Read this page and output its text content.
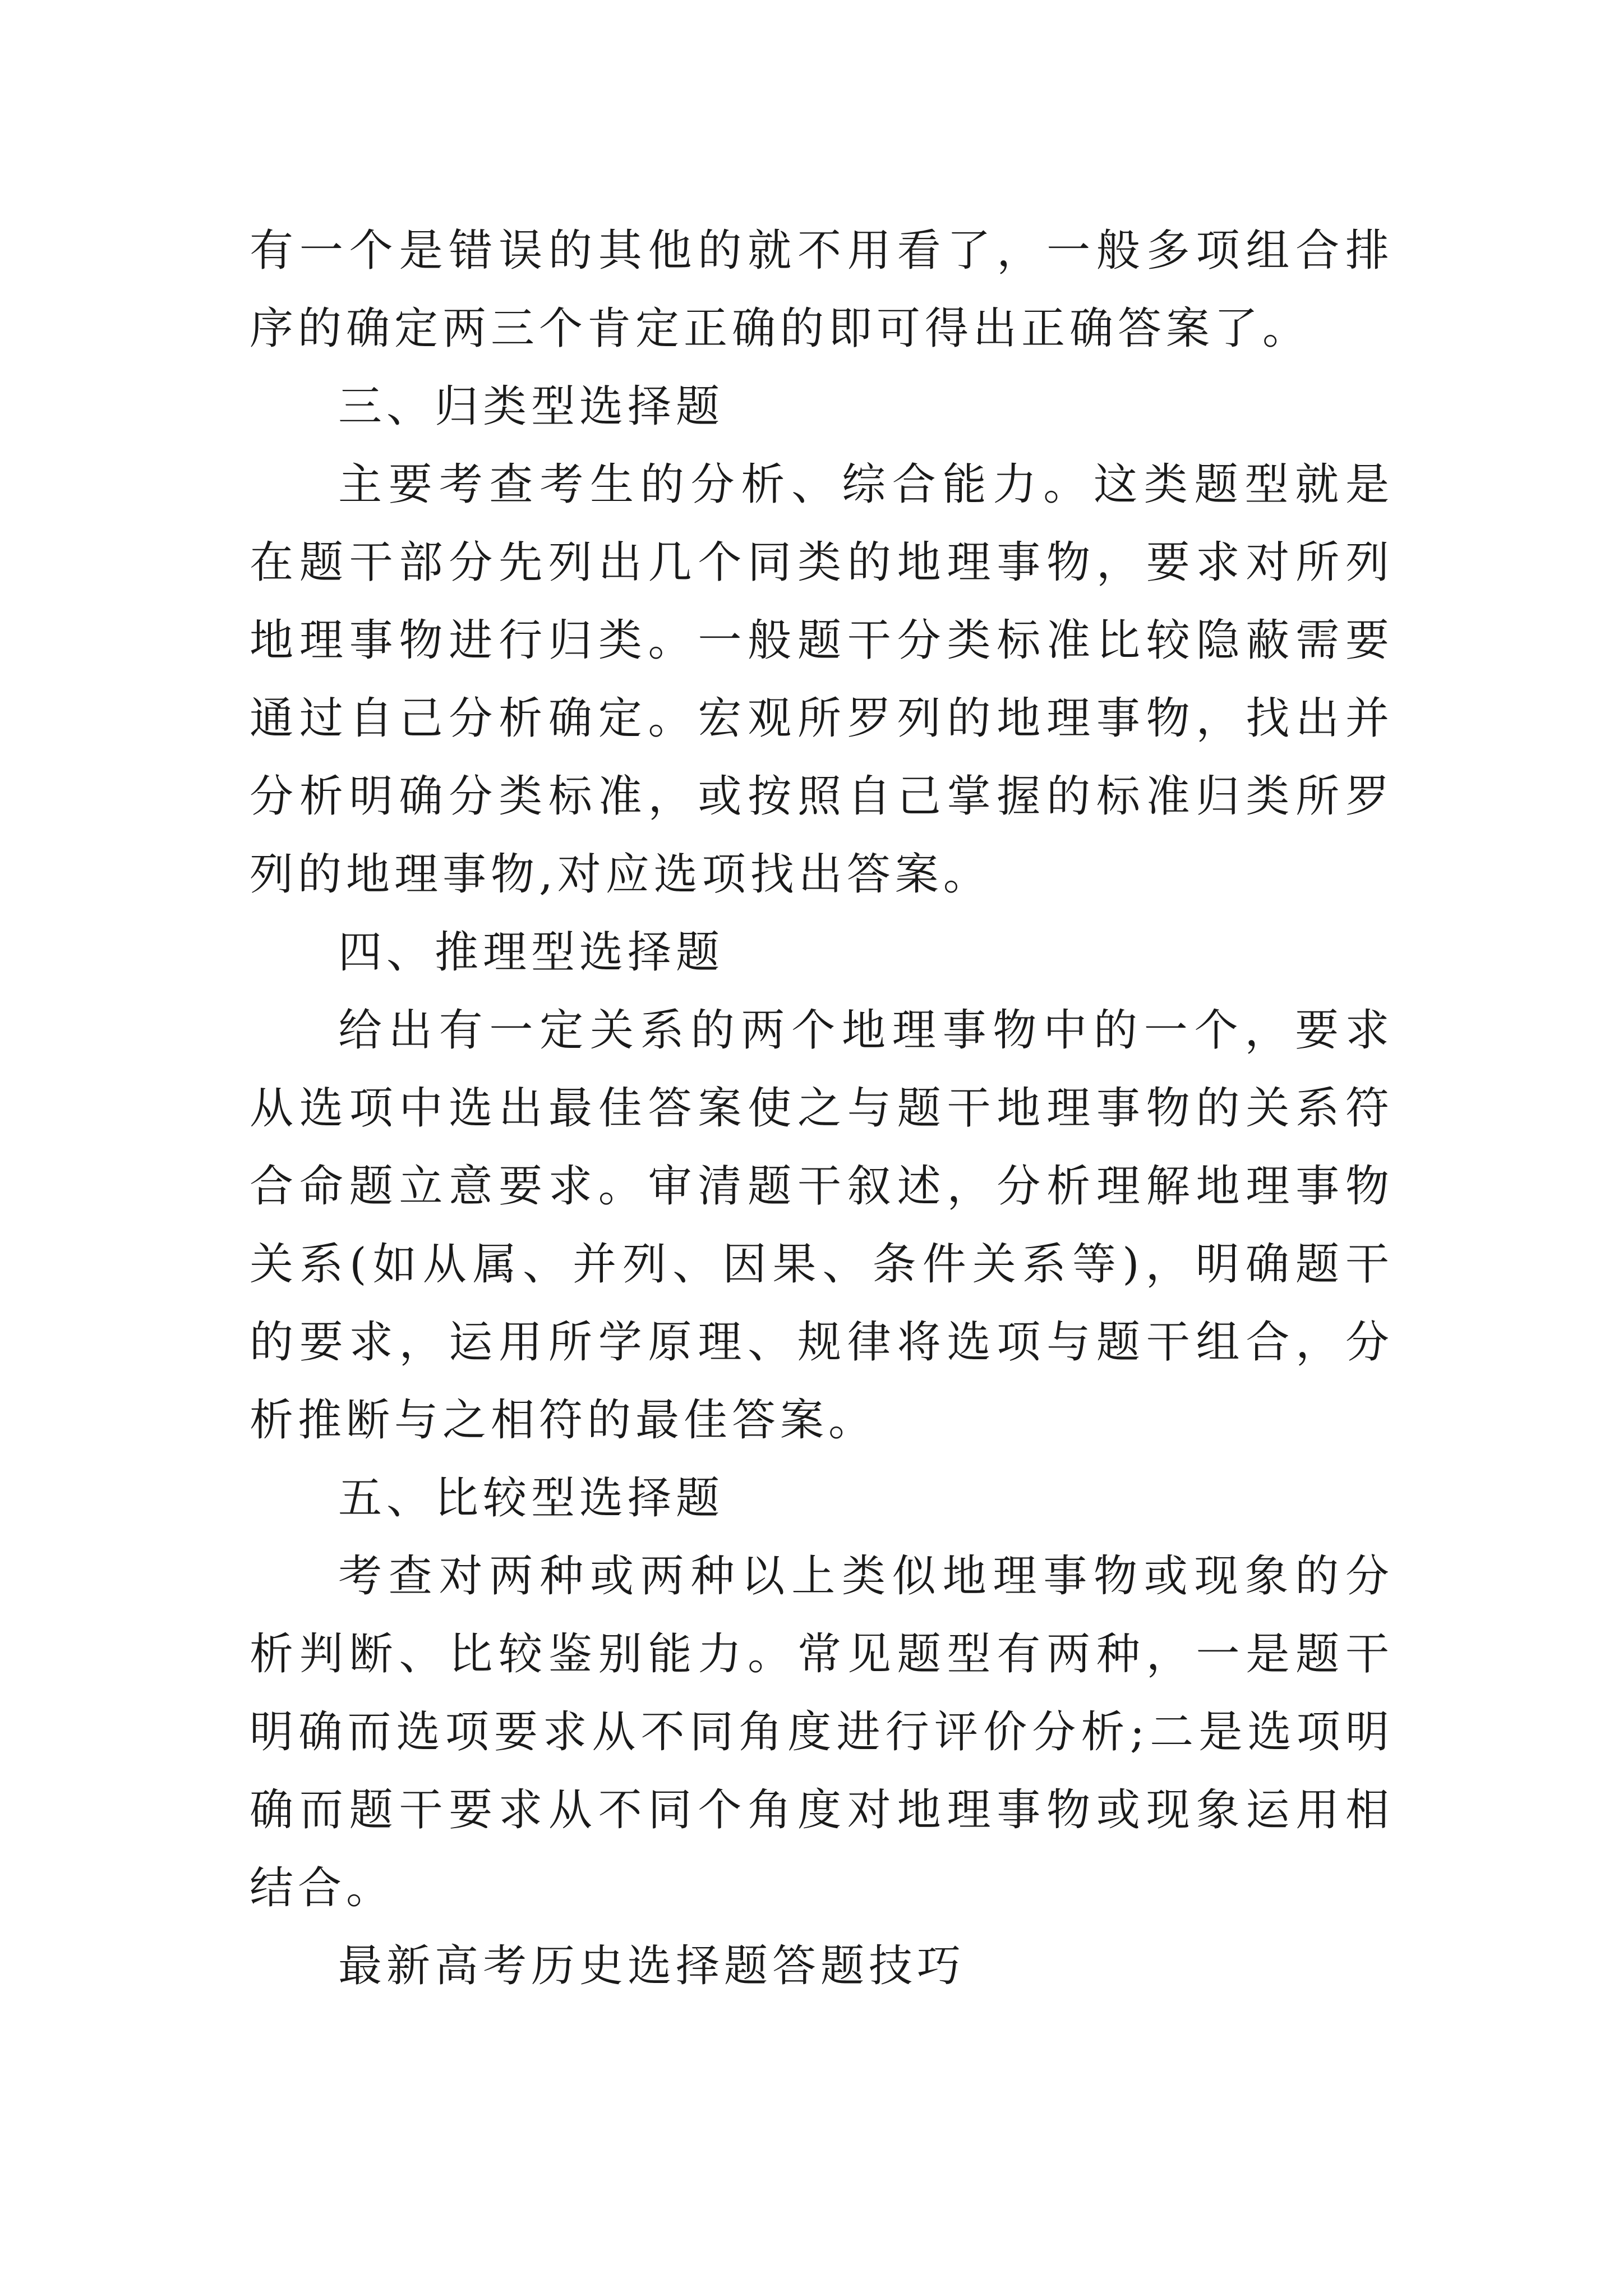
有一个是错误的其他的就不用看了，一般多项组合排序的确定两三个肯定正确的即可得出正确答案了。

三、归类型选择题

主要考查考生的分析、综合能力。这类题型就是在题干部分先列出几个同类的地理事物，要求对所列地理事物进行归类。一般题干分类标准比较隐蔽需要通过自己分析确定。宏观所罗列的地理事物，找出并分析明确分类标准，或按照自己掌握的标准归类所罗列的地理事物,对应选项找出答案。

四、推理型选择题

给出有一定关系的两个地理事物中的一个，要求从选项中选出最佳答案使之与题干地理事物的关系符合命题立意要求。审清题干叙述，分析理解地理事物关系(如从属、并列、因果、条件关系等)，明确题干的要求，运用所学原理、规律将选项与题干组合，分析推断与之相符的最佳答案。

五、比较型选择题

考查对两种或两种以上类似地理事物或现象的分析判断、比较鉴别能力。常见题型有两种，一是题干明确而选项要求从不同角度进行评价分析;二是选项明确而题干要求从不同个角度对地理事物或现象运用相结合。

最新高考历史选择题答题技巧
